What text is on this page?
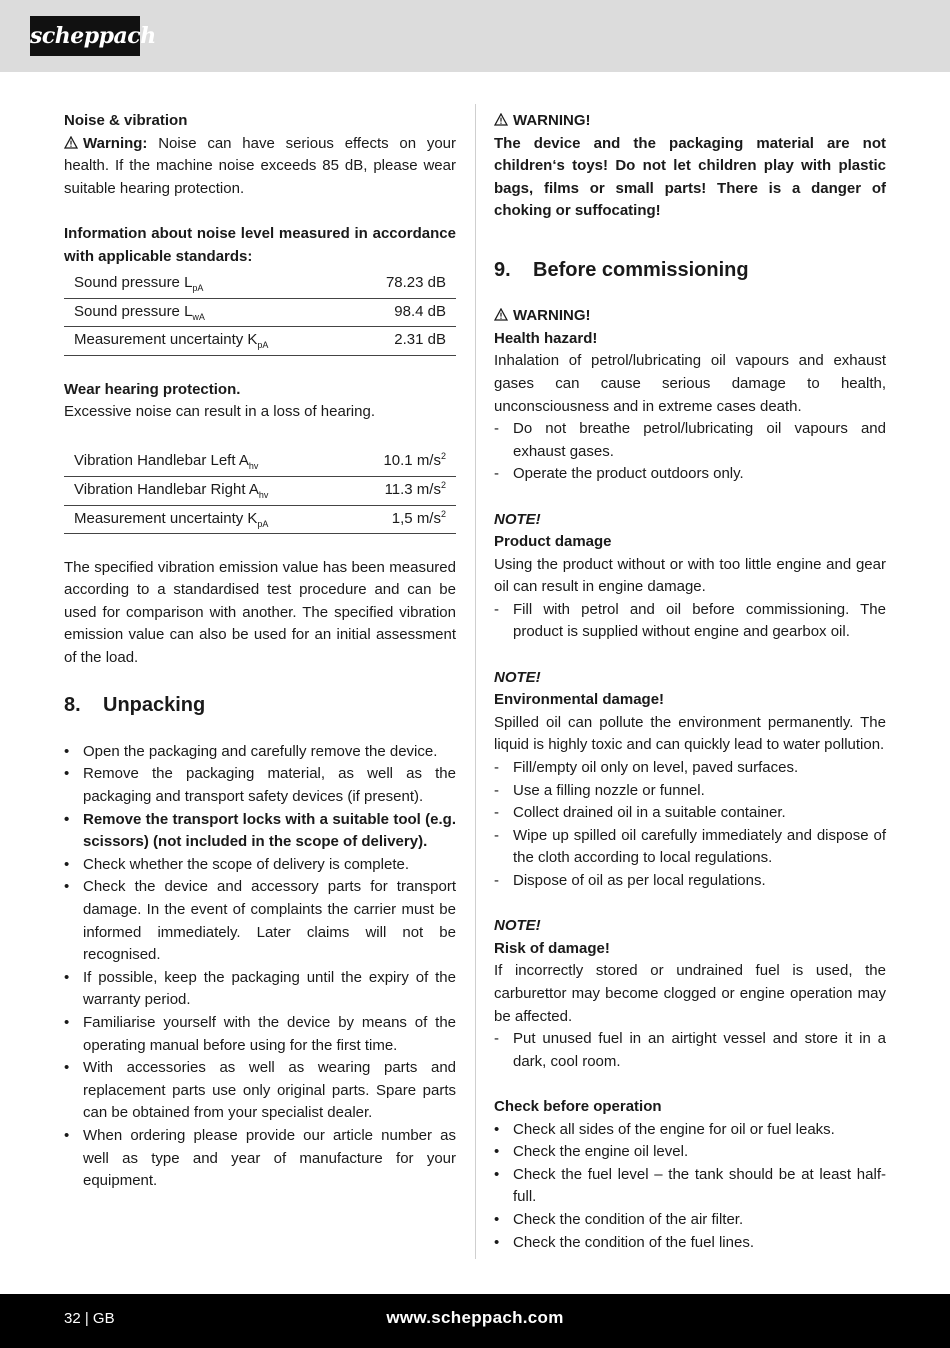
scheppach
Noise & vibration
Warning: Noise can have serious effects on your health. If the machine noise exceeds 85 dB, please wear suitable hearing protection.
Information about noise level measured in accordance with applicable standards:
Sound pressure $L_{pA}$	78.23 dB
Sound pressure $L_{wA}$	98.4 dB
Measurement uncertainty $K_{pA}$	2.31 dB
Wear hearing protection.
Excessive noise can result in a loss of hearing.
Vibration Handlebar Left $A_{hv}$	10.1 $m/s^2$
Vibration Handlebar Right $A_{hv}$	11.3 $m/s^2$
Measurement uncertainty $K_{pA}$	1,5 $m/s^2$
The specified vibration emission value has been measured according to a standardised test procedure and can be used for comparison with another. The specified vibration emission value can also be used for an initial assessment of the load.
8. Unpacking
• Open the packaging and carefully remove the device.
• Remove the packaging material, as well as the packaging and transport safety devices (if present).
• Remove the transport locks with a suitable tool (e.g. scissors) (not included in the scope of delivery).
• Check whether the scope of delivery is complete.
• Check the device and accessory parts for transport damage. In the event of complaints the carrier must be informed immediately. Later claims will not be recognised.
• If possible, keep the packaging until the expiry of the warranty period.
• Familiarise yourself with the device by means of the operating manual before using for the first time.
• With accessories as well as wearing parts and replacement parts use only original parts. Spare parts can be obtained from your specialist dealer.
• When ordering please provide our article number as well as type and year of manufacture for your equipment.
WARNING!
The device and the packaging material are not children‘s toys! Do not let children play with plastic bags, films or small parts! There is a danger of choking or suffocating!
9. Before commissioning
WARNING!
Health hazard!
Inhalation of petrol/lubricating oil vapours and exhaust gases can cause serious damage to health, unconsciousness and in extreme cases death.
- Do not breathe petrol/lubricating oil vapours and exhaust gases.
- Operate the product outdoors only.
NOTE!
Product damage
Using the product without or with too little engine and gear oil can result in engine damage.
- Fill with petrol and oil before commissioning. The product is supplied without engine and gearbox oil.
NOTE!
Environmental damage!
Spilled oil can pollute the environment permanently. The liquid is highly toxic and can quickly lead to water pollution.
- Fill/empty oil only on level, paved surfaces.
- Use a filling nozzle or funnel.
- Collect drained oil in a suitable container.
- Wipe up spilled oil carefully immediately and dispose of the cloth according to local regulations.
- Dispose of oil as per local regulations.
NOTE!
Risk of damage!
If incorrectly stored or undrained fuel is used, the carburettor may become clogged or engine operation may be affected.
- Put unused fuel in an airtight vessel and store it in a dark, cool room.
Check before operation
• Check all sides of the engine for oil or fuel leaks.
• Check the engine oil level.
• Check the fuel level – the tank should be at least half-full.
• Check the condition of the air filter.
• Check the condition of the fuel lines.
32 | GB	www.scheppach.com
